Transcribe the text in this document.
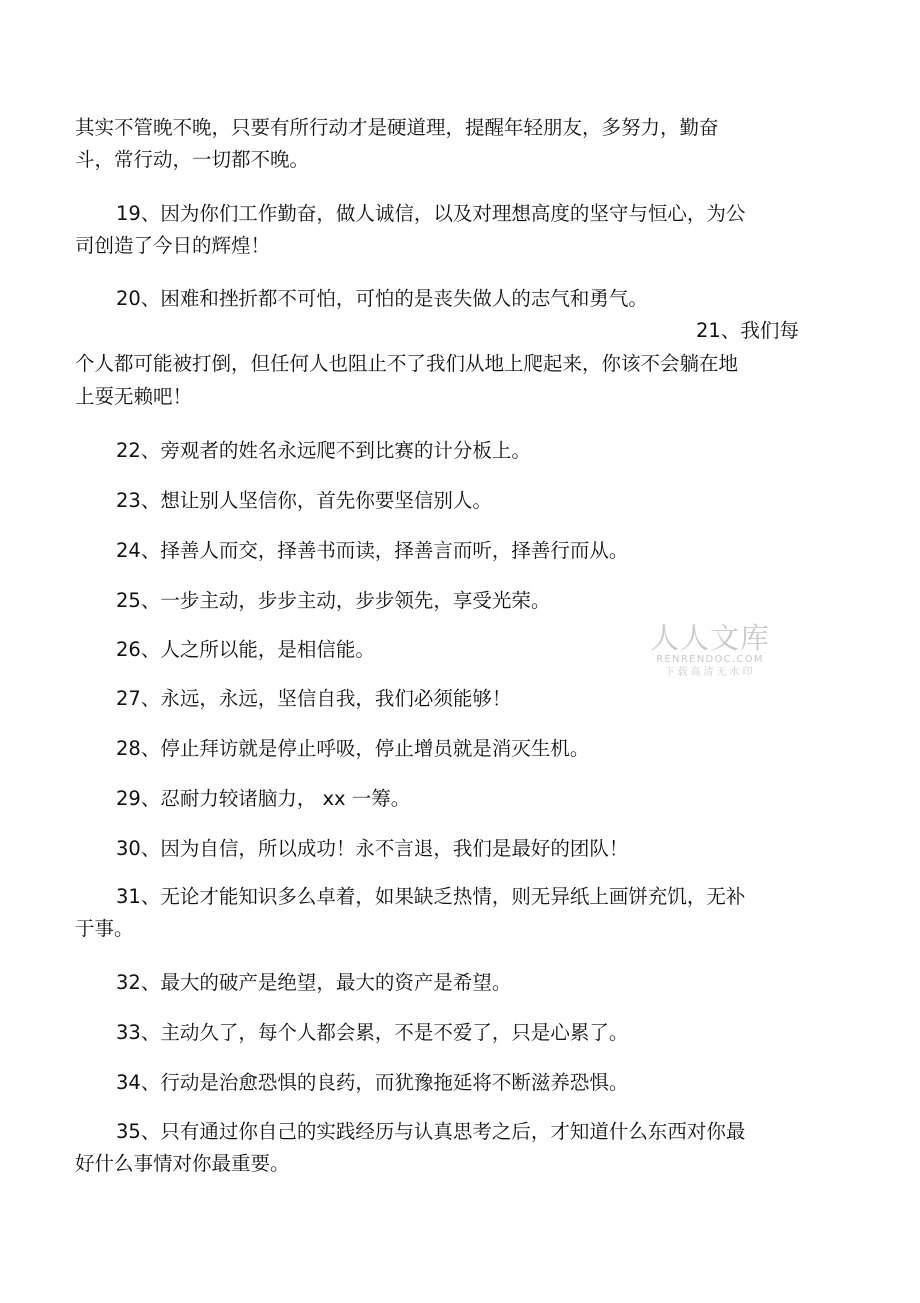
其实不管晚不晚，只要有所行动才是硬道理，提醒年轻朋友，多努力，勤奋
斗，常行动，一切都不晚。
19、因为你们工作勤奋，做人诚信，以及对理想高度的坚守与恒心，为公
司创造了今日的辉煌！
20、困难和挫折都不可怕，可怕的是丧失做人的志气和勇气。
21、我们每
个人都可能被打倒，但任何人也阻止不了我们从地上爬起来，你该不会躺在地
上耍无赖吧！
22、旁观者的姓名永远爬不到比赛的计分板上。
23、想让别人坚信你，首先你要坚信别人。
24、择善人而交，择善书而读，择善言而听，择善行而从。
25、一步主动，步步主动，步步领先，享受光荣。
26、人之所以能，是相信能。
27、永远，永远，坚信自我，我们必须能够！
28、停止拜访就是停止呼吸，停止增员就是消灭生机。
29、忍耐力较诸脑力， xx 一筹。
30、因为自信，所以成功！永不言退，我们是最好的团队！
31、无论才能知识多么卓着，如果缺乏热情，则无异纸上画饼充饥，无补
于事。
32、最大的破产是绝望，最大的资产是希望。
33、主动久了，每个人都会累，不是不爱了，只是心累了。
34、行动是治愈恐惧的良药，而犹豫拖延将不断滋养恐惧。
35、只有通过你自己的实践经历与认真思考之后，才知道什么东西对你最
好什么事情对你最重要。
人人文库
RENRENDOC.COM
下载高清无水印
